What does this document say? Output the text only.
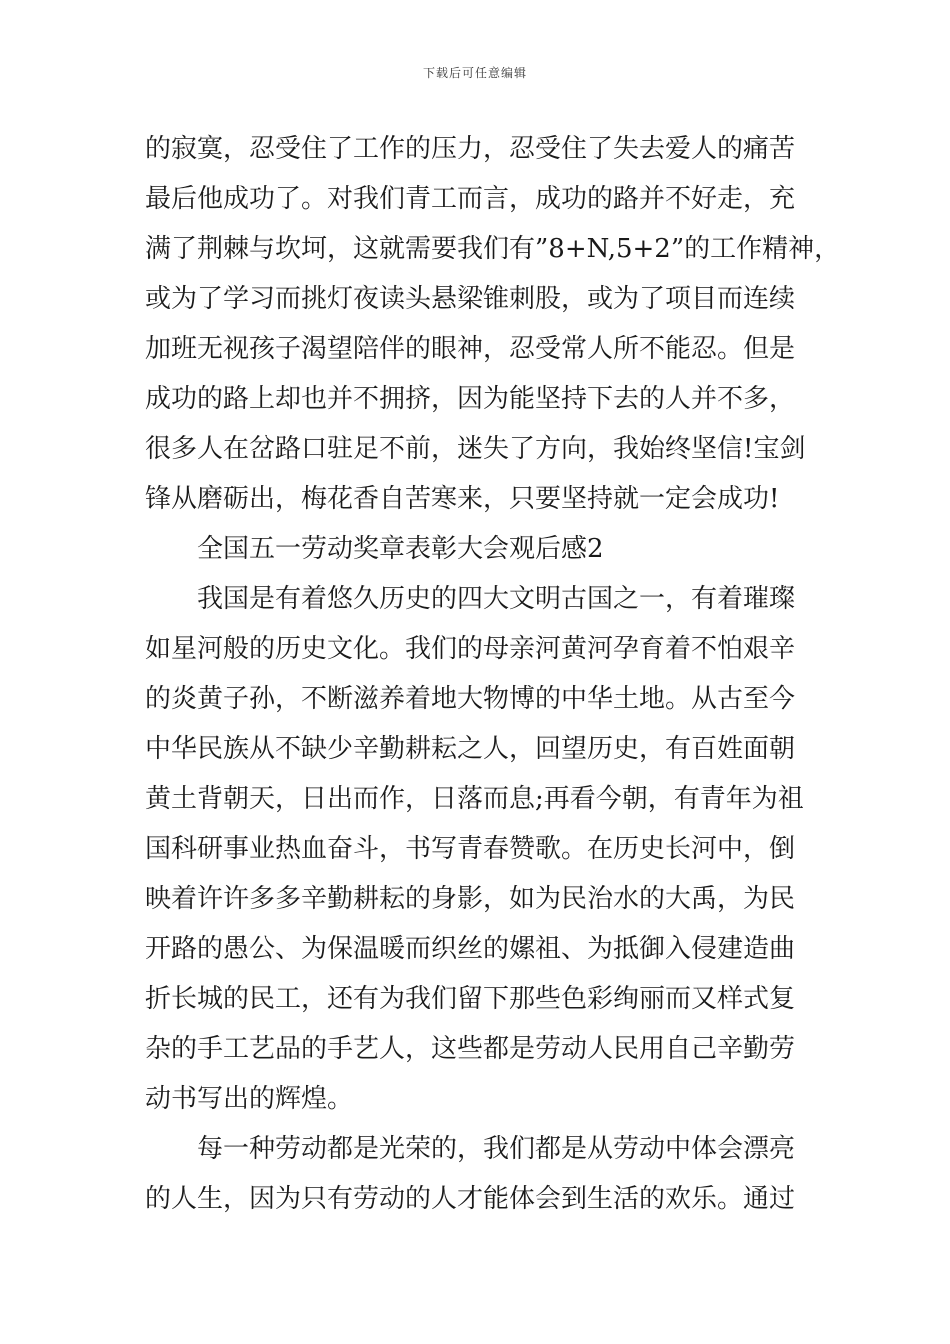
下载后可任意编辑
的寂寞，忍受住了工作的压力，忍受住了失去爱人的痛苦
最后他成功了。对我们青工而言，成功的路并不好走，充
满了荆棘与坎坷，这就需要我们有”8+N,5+2”的工作精神，
或为了学习而挑灯夜读头悬梁锥刺股，或为了项目而连续
加班无视孩子渴望陪伴的眼神，忍受常人所不能忍。但是
成功的路上却也并不拥挤，因为能坚持下去的人并不多，
很多人在岔路口驻足不前，迷失了方向，我始终坚信!宝剑
锋从磨砺出，梅花香自苦寒来，只要坚持就一定会成功!
全国五一劳动奖章表彰大会观后感2
我国是有着悠久历史的四大文明古国之一，有着璀璨
如星河般的历史文化。我们的母亲河黄河孕育着不怕艰辛
的炎黄子孙，不断滋养着地大物博的中华土地。从古至今
中华民族从不缺少辛勤耕耘之人，回望历史，有百姓面朝
黄土背朝天，日出而作，日落而息;再看今朝，有青年为祖
国科研事业热血奋斗，书写青春赞歌。在历史长河中，倒
映着许许多多辛勤耕耘的身影，如为民治水的大禹，为民
开路的愚公、为保温暖而织丝的嫘祖、为抵御入侵建造曲
折长城的民工，还有为我们留下那些色彩绚丽而又样式复
杂的手工艺品的手艺人，这些都是劳动人民用自己辛勤劳
动书写出的辉煌。
每一种劳动都是光荣的，我们都是从劳动中体会漂亮
的人生，因为只有劳动的人才能体会到生活的欢乐。通过
